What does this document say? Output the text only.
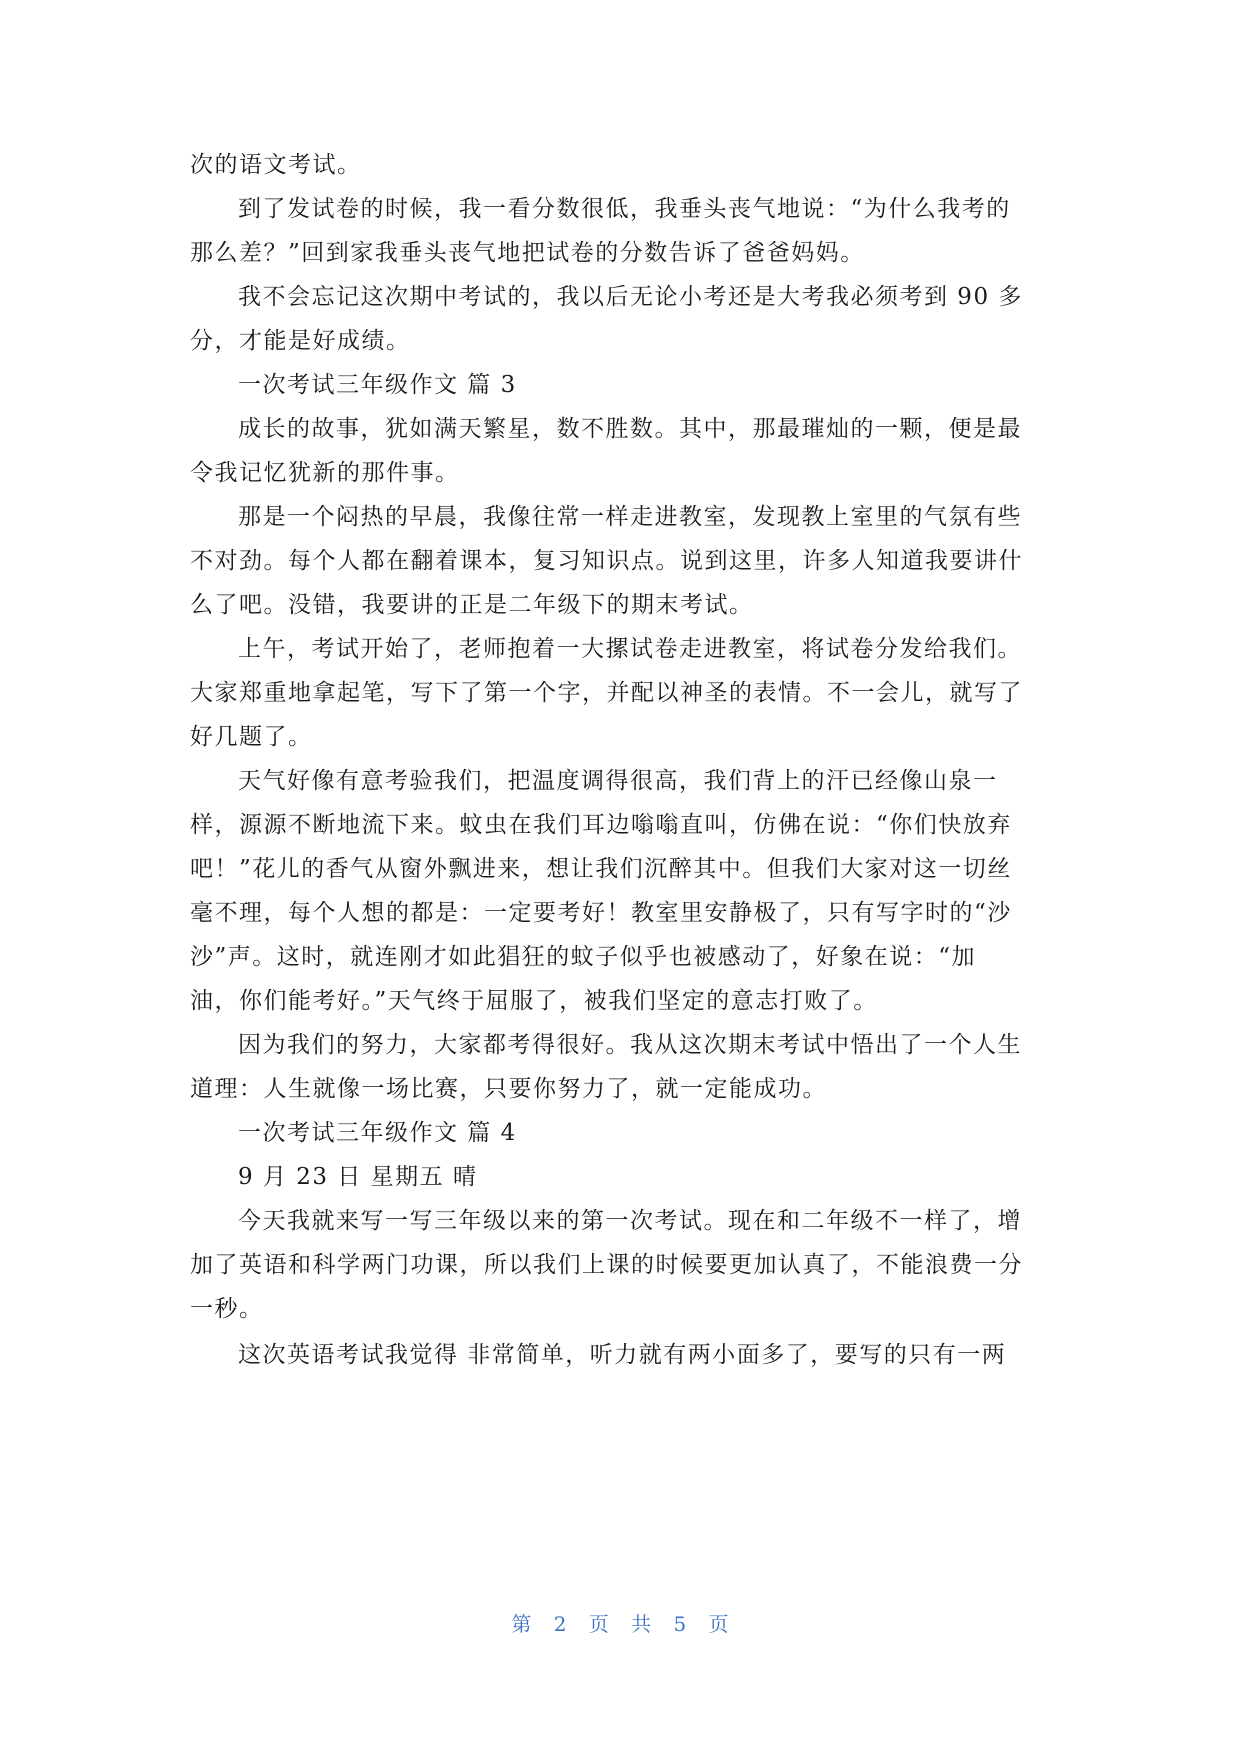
次的语文考试。
到了发试卷的时候，我一看分数很低，我垂头丧气地说：“为什么我考的
那么差？”回到家我垂头丧气地把试卷的分数告诉了爸爸妈妈。
我不会忘记这次期中考试的，我以后无论小考还是大考我必须考到 90 多
分，才能是好成绩。
一次考试三年级作文 篇 3
成长的故事，犹如满天繁星，数不胜数。其中，那最璀灿的一颗，便是最
令我记忆犹新的那件事。
那是一个闷热的早晨，我像往常一样走进教室，发现教上室里的气氛有些
不对劲。每个人都在翻着课本，复习知识点。说到这里，许多人知道我要讲什
么了吧。没错，我要讲的正是二年级下的期末考试。
上午，考试开始了，老师抱着一大摞试卷走进教室，将试卷分发给我们。
大家郑重地拿起笔，写下了第一个字，并配以神圣的表情。不一会儿，就写了
好几题了。
天气好像有意考验我们，把温度调得很高，我们背上的汗已经像山泉一
样，源源不断地流下来。蚊虫在我们耳边嗡嗡直叫，仿佛在说：“你们快放弃
吧！”花儿的香气从窗外飘进来，想让我们沉醉其中。但我们大家对这一切丝
毫不理，每个人想的都是：一定要考好！教室里安静极了，只有写字时的“沙
沙”声。这时，就连刚才如此猖狂的蚊子似乎也被感动了，好象在说：“加
油，你们能考好。”天气终于屈服了，被我们坚定的意志打败了。
因为我们的努力，大家都考得很好。我从这次期末考试中悟出了一个人生
道理：人生就像一场比赛，只要你努力了，就一定能成功。
一次考试三年级作文 篇 4
9 月 23 日 星期五 晴
今天我就来写一写三年级以来的第一次考试。现在和二年级不一样了，增
加了英语和科学两门功课，所以我们上课的时候要更加认真了，不能浪费一分
一秒。
这次英语考试我觉得 非常简单，听力就有两小面多了，要写的只有一两
第 2 页 共 5 页
